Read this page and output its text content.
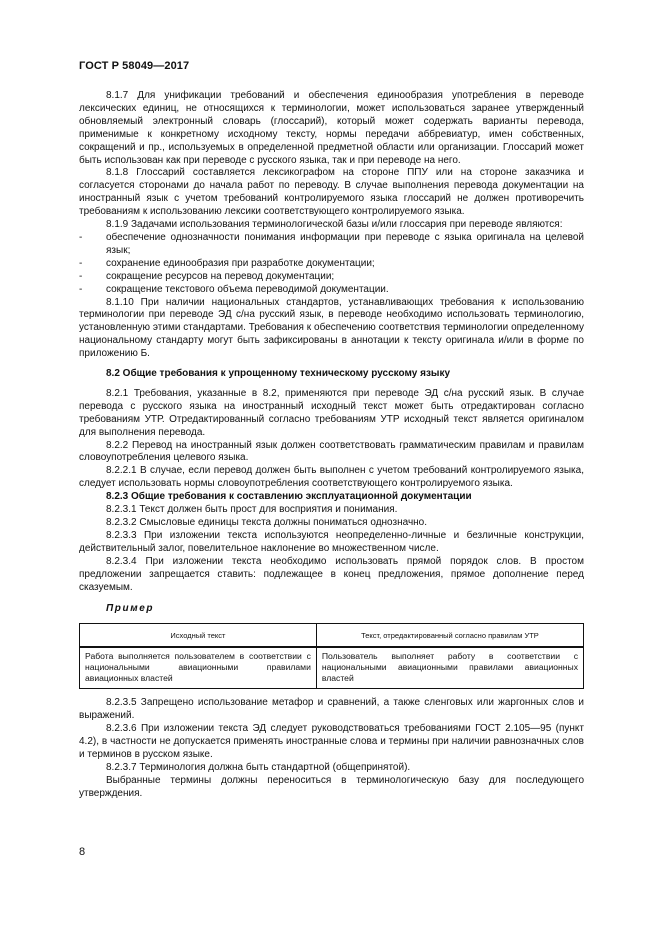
ГОСТ Р 58049—2017

8.1.7 Для унификации требований и обеспечения единообразия употребления в переводе лексических единиц, не относящихся к терминологии, может использоваться заранее утвержденный обновляемый электронный словарь (глоссарий), который может содержать варианты перевода, применимые к конкретному исходному тексту, нормы передачи аббревиатур, имен собственных, сокращений и пр., используемых в определенной предметной области или организации. Глоссарий может быть использован как при переводе с русского языка, так и при переводе на него.

8.1.8 Глоссарий составляется лексикографом на стороне ППУ или на стороне заказчика и согласуется сторонами до начала работ по переводу. В случае выполнения перевода документации на иностранный язык с учетом требований контролируемого языка глоссарий не должен противоречить требованиям к использованию лексики соответствующего контролируемого языка.

8.1.9 Задачами использования терминологической базы и/или глоссария при переводе являются:

-	обеспечение однозначности понимания информации при переводе с языка оригинала на целевой язык;
-	сохранение единообразия при разработке документации;
-	сокращение ресурсов на перевод документации;
-	сокращение текстового объема переводимой документации.

8.1.10 При наличии национальных стандартов, устанавливающих требования к использованию терминологии при переводе ЭД с/на русский язык, в переводе необходимо использовать терминологию, установленную этими стандартами. Требования к обеспечению соответствия терминологии определенному национальному стандарту могут быть зафиксированы в аннотации к тексту оригинала и/или в форме по приложению Б.

8.2 Общие требования к упрощенному техническому русскому языку

8.2.1 Требования, указанные в 8.2, применяются при переводе ЭД с/на русский язык. В случае перевода с русского языка на иностранный исходный текст может быть отредактирован согласно требованиям УТР. Отредактированный согласно требованиям УТР исходный текст является оригиналом для выполнения перевода.

8.2.2 Перевод на иностранный язык должен соответствовать грамматическим правилам и правилам словоупотребления целевого языка.

8.2.2.1 В случае, если перевод должен быть выполнен с учетом требований контролируемого языка, следует использовать нормы словоупотребления соответствующего контролируемого языка.

8.2.3 Общие требования к составлению эксплуатационной документации

8.2.3.1 Текст должен быть прост для восприятия и понимания.

8.2.3.2 Смысловые единицы текста должны пониматься однозначно.

8.2.3.3 При изложении текста используются неопределенно-личные и безличные конструкции, действительный залог, повелительное наклонение во множественном числе.

8.2.3.4 При изложении текста необходимо использовать прямой порядок слов. В простом предложении запрещается ставить: подлежащее в конец предложения, прямое дополнение перед сказуемым.

Пример

Исходный текст	Текст, отредактированный согласно правилам УТР
Работа выполняется пользователем в соответствии с национальными авиационными правилами авиационных властей	Пользователь выполняет работу в соответствии с национальными авиационными правилами авиационных властей

8.2.3.5 Запрещено использование метафор и сравнений, а также сленговых или жаргонных слов и выражений.

8.2.3.6 При изложении текста ЭД следует руководствоваться требованиями ГОСТ 2.105—95 (пункт 4.2), в частности не допускается применять иностранные слова и термины при наличии равнозначных слов и терминов в русском языке.

8.2.3.7 Терминология должна быть стандартной (общепринятой).

Выбранные термины должны переноситься в терминологическую базу для последующего утверждения.

8
